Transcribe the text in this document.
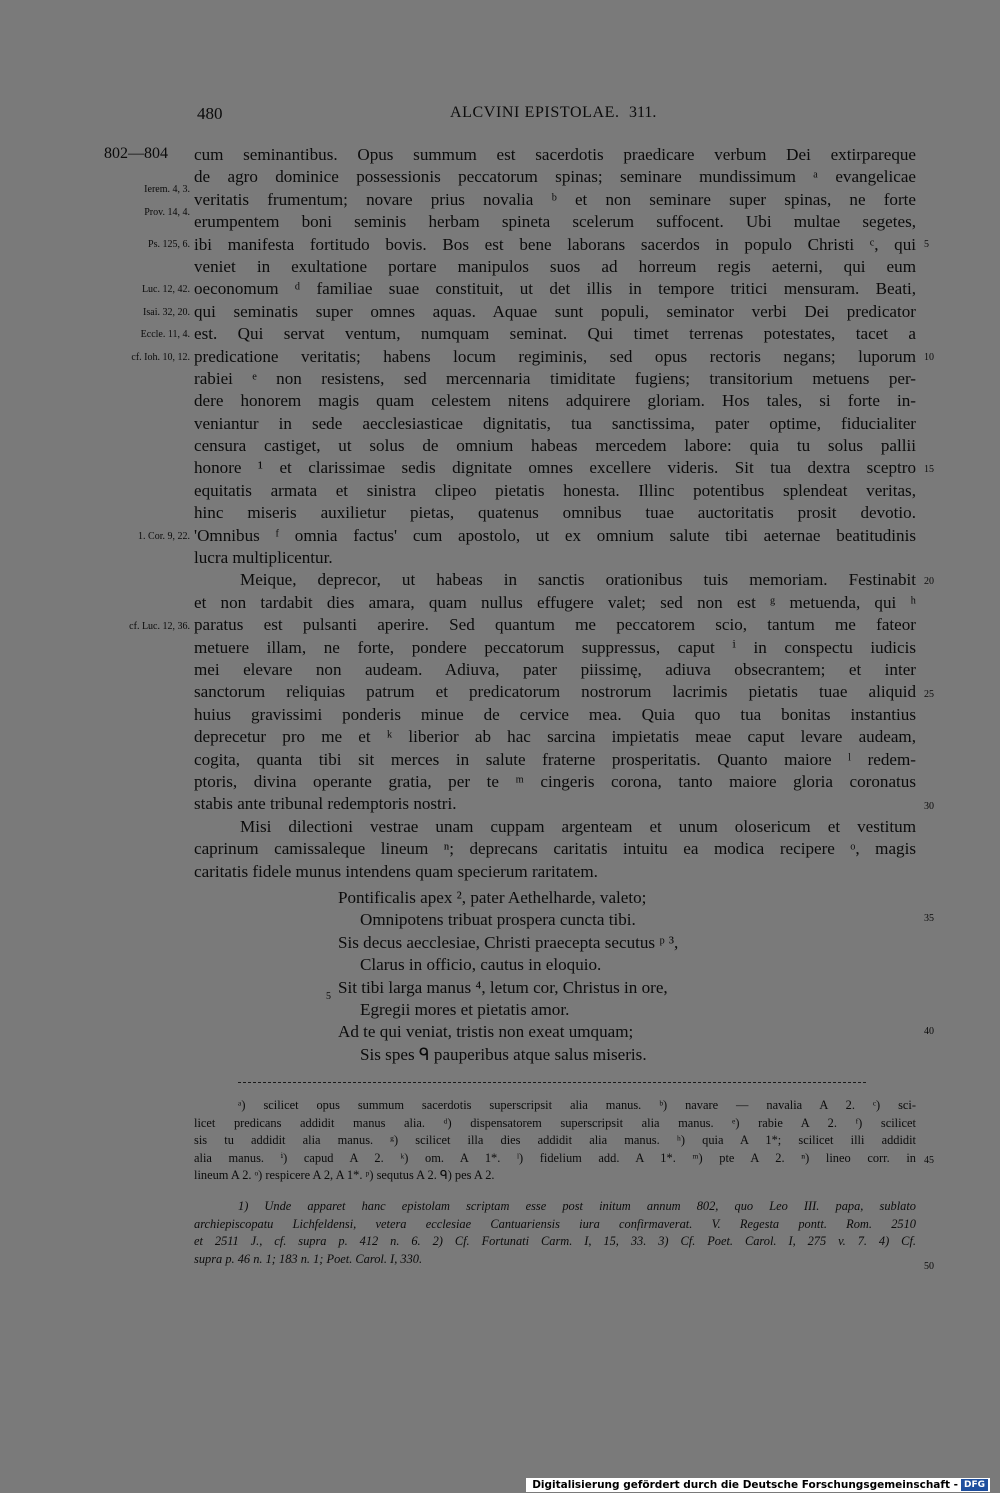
480	ALCVINI EPISTOLAE. 311.
802—804 cum seminantibus. Opus summum est sacerdotis praedicare verbum Dei extirpareque
de agro dominice possessionis peccatorum spinas; seminare mundissimum ᵃ evangelicae
veritatis frumentum; novare prius novalia ᵇ et non seminare super spinas, ne forte
erumpentem boni seminis herbam spineta scelerum suffocent. Ubi multae segetes,
ibi manifesta fortitudo bovis. Bos est bene laborans sacerdos in populo Christi ᶜ, qui
veniet in exultatione portare manipulos suos ad horreum regis aeterni, qui eum
oeconomum ᵈ familiae suae constituit, ut det illis in tempore tritici mensuram. Beati,
qui seminatis super omnes aquas. Aquae sunt populi, seminator verbi Dei predicator
est. Qui servat ventum, numquam seminat. Qui timet terrenas potestates, tacet a
predicatione veritatis; habens locum regiminis, sed opus rectoris negans; luporum
rabiei ᵉ non resistens, sed mercennaria timiditate fugiens; transitorium metuens per-
dere honorem magis quam celestem nitens adquirere gloriam. Hos tales, si forte in-
veniantur in sede aecclesiasticae dignitatis, tua sanctissima, pater optime, fiducialiter
censura castiget, ut solus de omnium habeas mercedem labore: quia tu solus pallii
honore ¹ et clarissimae sedis dignitate omnes excellere videris. Sit tua dextra sceptro
equitatis armata et sinistra clipeo pietatis honesta. Illinc potentibus splendeat veritas,
hinc miseris auxilietur pietas, quatenus omnibus tuae auctoritatis prosit devotio.
'Omnibus ᶠ omnia factus' cum apostolo, ut ex omnium salute tibi aeternae beatitudinis
lucra multiplicentur.
Meique, deprecor, ut habeas in sanctis orationibus tuis memoriam. Festinabit
et non tardabit dies amara, quam nullus effugere valet; sed non est ᵍ metuenda, qui ʰ
paratus est pulsanti aperire. Sed quantum me peccatorem scio, tantum me fateor
metuere illam, ne forte, pondere peccatorum suppressus, caput ⁱ in conspectu iudicis
mei elevare non audeam. Adiuva, pater piissimę, adiuva obsecrantem; et inter
sanctorum reliquias patrum et predicatorum nostrorum lacrimis pietatis tuae aliquid
huius gravissimi ponderis minue de cervice mea. Quia quo tua bonitas instantius
deprecetur pro me et ᵏ liberior ab hac sarcina impietatis meae caput levare audeam,
cogita, quanta tibi sit merces in salute fraterne prosperitatis. Quanto maiore ˡ redem-
ptoris, divina operante gratia, per te ᵐ cingeris corona, tanto maiore gloria coronatus
stabis ante tribunal redemptoris nostri.
Misi dilectioni vestrae unam cuppam argenteam et unum olosericum et vestitum
caprinum camissaleque lineum ⁿ; deprecans caritatis intuitu ea modica recipere ᵒ, magis
caritatis fidele munus intendens quam specierum raritatem.
Pontificalis apex ², pater Aethelharde, valeto;
Omnipotens tribuat prospera cuncta tibi.
Sis decus aecclesiae, Christi praecepta secutus ᵖ ³,
Clarus in officio, cautus in eloquio.
Sit tibi larga manus ⁴, letum cor, Christus in ore,
Egregii mores et pietatis amor.
Ad te qui veniat, tristis non exeat umquam;
Sis spes ᑫ pauperibus atque salus miseris.
5
Ierem. 4, 3.
Prov. 14, 4.
Ps. 125, 6.
Luc. 12, 42.
Isai. 32, 20.
Eccle. 11, 4.
cf. Ioh. 10, 12.
1. Cor. 9, 22.
cf. Luc. 12, 36.
5
10
15
20
25
30
35
40
45
50
ᵃ) scilicet opus summum sacerdotis superscripsit alia manus. ᵇ) navare — navalia A 2. ᶜ) sci-
licet predicans addidit manus alia. ᵈ) dispensatorem superscripsit alia manus. ᵉ) rabie A 2. ᶠ) scilicet
sis tu addidit alia manus. ᵍ) scilicet illa dies addidit alia manus. ʰ) quia A 1*; scilicet illi addidit
alia manus. ⁱ) capud A 2. ᵏ) om. A 1*. ˡ) fidelium add. A 1*. ᵐ) pte A 2. ⁿ) lineo corr. in
lineum A 2. ᵒ) respicere A 2, A 1*. ᵖ) sequtus A 2. ᑫ) pes A 2.
1) Unde apparet hanc epistolam scriptam esse post initum annum 802, quo Leo III. papa, sublato
archiepiscopatu Lichfeldensi, vetera ecclesiae Cantuariensis iura confirmaverat. V. Regesta pontt. Rom. 2510
et 2511 J., cf. supra p. 412 n. 6. 2) Cf. Fortunati Carm. I, 15, 33. 3) Cf. Poet. Carol. I, 275 v. 7. 4) Cf.
supra p. 46 n. 1; 183 n. 1; Poet. Carol. I, 330.
Digitalisierung gefördert durch die Deutsche Forschungsgemeinschaft - DFG
